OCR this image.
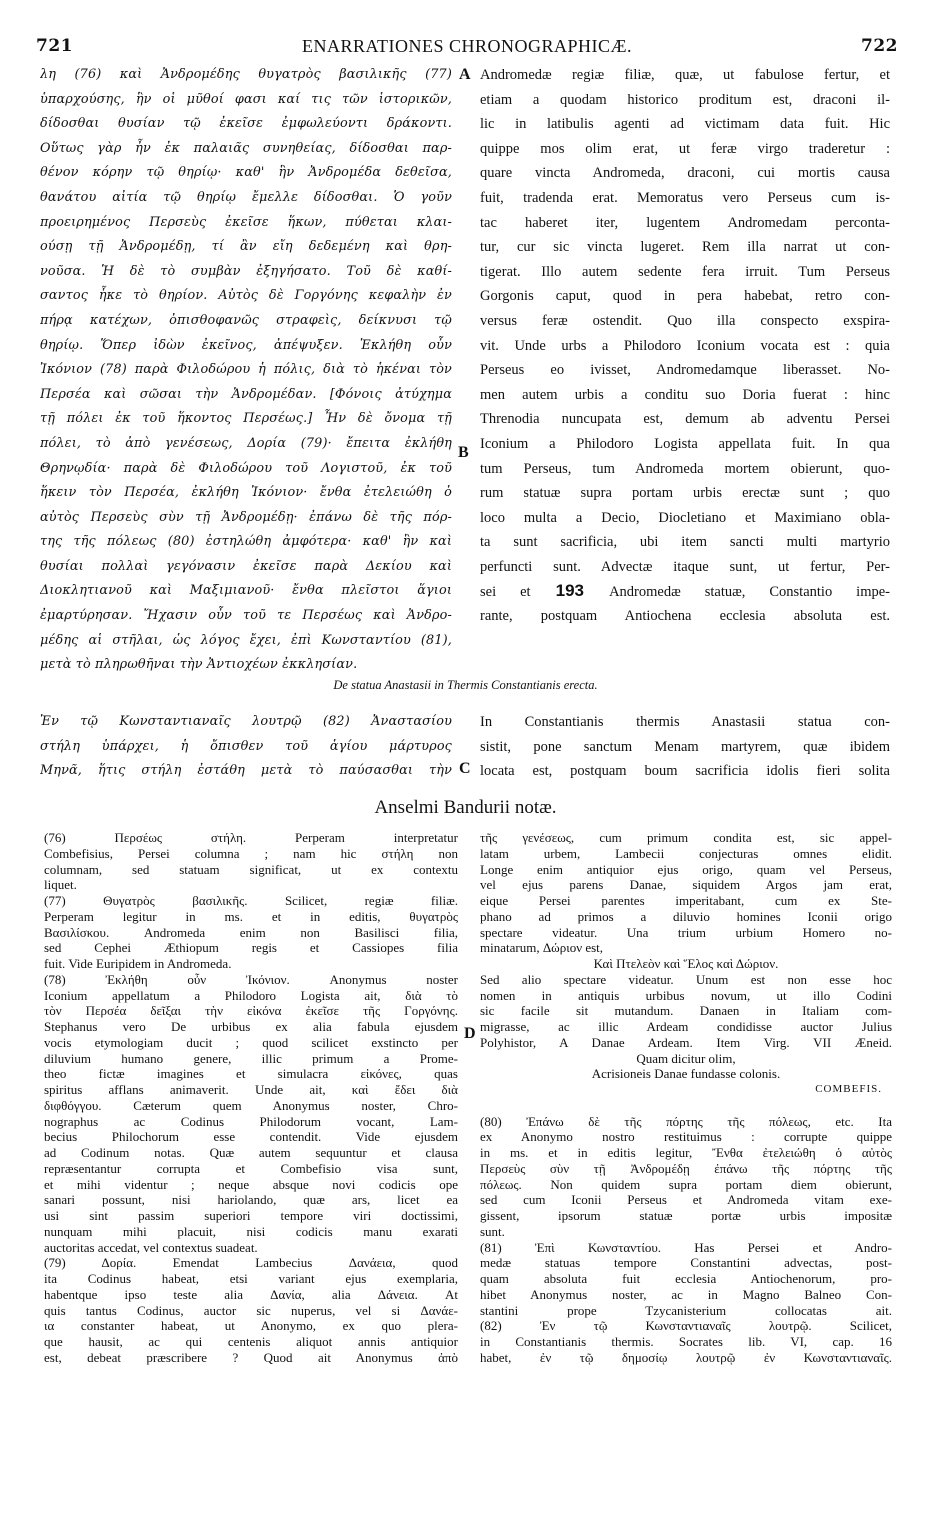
721	ENARRATIONES CHRONOGRAPHICÆ.	722
λη (76) καὶ Ἀνδρομέδης θυγατρὸς βασιλικῆς (77)
ὑπαρχούσης, ἣν οἱ μῦθοί φασι καί τις τῶν ἱστορικῶν,
δίδοσθαι θυσίαν τῷ ἐκεῖσε ἐμφωλεύοντι δράκοντι.
Οὕτως γὰρ ἦν ἐκ παλαιᾶς συνηθείας, δίδοσθαι παρ-
θένον κόρην τῷ θηρίῳ· καθ' ἣν Ἀνδρομέδα δεθεῖσα,
θανάτου αἰτία τῷ θηρίῳ ἔμελλε δίδοσθαι. Ὁ γοῦν
προειρημένος Περσεὺς ἐκεῖσε ἥκων, πύθεται κλαι-
ούσῃ τῇ Ἀνδρομέδῃ, τί ἂν εἴη δεδεμένη καὶ θρη-
νοῦσα. Ἡ δὲ τὸ συμβὰν ἐξηγήσατο. Τοῦ δὲ καθί-
σαντος ἧκε τὸ θηρίον. Αὐτὸς δὲ Γοργόνης κεφαλὴν ἐν
πήρᾳ κατέχων, ὀπισθοφανῶς στραφεὶς, δείκνυσι τῷ
θηρίῳ. Ὅπερ ἰδὼν ἐκεῖνος, ἀπέψυξεν. Ἐκλήθη οὖν
Ἰκόνιον (78) παρὰ Φιλοδώρου ἡ πόλις, διὰ τὸ ἡκέναι τὸν
Περσέα καὶ σῶσαι τὴν Ἀνδρομέδαν. [Φόνοις ἀτύχημα
τῇ πόλει ἐκ τοῦ ἥκοντος Περσέως.] Ἦν δὲ ὄνομα τῇ
πόλει, τὸ ἀπὸ γενέσεως, Δορία (79)· ἔπειτα ἐκλήθη
Θρηνῳδία· παρὰ δὲ Φιλοδώρου τοῦ Λογιστοῦ, ἐκ τοῦ
ἥκειν τὸν Περσέα, ἐκλήθη Ἰκόνιον· ἔνθα ἐτελειώθη ὁ
αὐτὸς Περσεὺς σὺν τῇ Ἀνδρομέδῃ· ἐπάνω δὲ τῆς πόρ-
της τῆς πόλεως (80) ἐστηλώθη ἀμφότερα· καθ' ἣν καὶ
θυσίαι πολλαὶ γεγόνασιν ἐκεῖσε παρὰ Δεκίου καὶ
Διοκλητιανοῦ καὶ Μαξιμιανοῦ· ἔνθα πλεῖστοι ἅγιοι
ἐμαρτύρησαν. Ἤχασιν οὖν τοῦ τε Περσέως καὶ Ἀνδρο-
μέδης αἱ στῆλαι, ὡς λόγος ἔχει, ἐπὶ Κωνσταντίου (81),
μετὰ τὸ πληρωθῆναι τὴν Ἀντιοχέων ἐκκλησίαν.
Andromedæ regiæ filiæ, quæ, ut fabulose fertur, et
etiam a quodam historico proditum est, draconi il-
lic in latibulis agenti ad victimam data fuit. Hic
quippe mos olim erat, ut feræ virgo traderetur :
quare vincta Andromeda, draconi, cui mortis causa
fuit, tradenda erat. Memoratus vero Perseus cum is-
tac haberet iter, lugentem Andromedam perconta-
tur, cur sic vincta lugeret. Rem illa narrat ut con-
tigerat. Illo autem sedente fera irruit. Tum Perseus
Gorgonis caput, quod in pera habebat, retro con-
versus feræ ostendit. Quo illa conspecto exspira-
vit. Unde urbs a Philodoro Iconium vocata est : quia
Perseus eo ivisset, Andromedamque liberasset. No-
men autem urbis a conditu suo Doria fuerat : hinc
Threnodia nuncupata est, demum ab adventu Persei
Iconium a Philodoro Logista appellata fuit. In qua
tum Perseus, tum Andromeda mortem obierunt, quo-
rum statuæ supra portam urbis erectæ sunt ; quo
loco multa a Decio, Diocletiano et Maximiano obla-
ta sunt sacrificia, ubi item sancti multi martyrio
perfuncti sunt. Advectæ itaque sunt, ut fertur, Per-
sei et 193 Andromedæ statuæ, Constantio impe-
rante, postquam Antiochena ecclesia absoluta est.
A
B
De statua Anastasii in Thermis Constantianis erecta.
Ἐν τῷ Κωνσταντιαναῖς λουτρῷ (82) Ἀναστασίου
στήλη ὑπάρχει, ἡ ὄπισθεν τοῦ ἁγίου μάρτυρος
Μηνᾶ, ἥτις στήλη ἐστάθη μετὰ τὸ παύσασθαι τὴν
In Constantianis thermis Anastasii statua con-
sistit, pone sanctum Menam martyrem, quæ ibidem
locata est, postquam boum sacrificia idolis fieri solita
C
Anselmi Bandurii notæ.
(76) Περσέως στήλη. Perperam interpretatur
Combefisius, Persei columna ; nam hic στήλη non
columnam, sed statuam significat, ut ex contextu
liquet.
(77) Θυγατρὸς βασιλικῆς. Scilicet, regiæ filiæ.
Perperam legitur in ms. et in editis, θυγατρὸς
Βασιλίσκου. Andromeda enim non Basilisci filia,
sed Cephei Æthiopum regis et Cassiopes filia
fuit. Vide Euripidem in Andromeda.
(78) Ἐκλήθη οὖν Ἰκόνιον. Anonymus noster
Iconium appellatum a Philodoro Logista ait, διὰ τὸ
τὸν Περσέα δεῖξαι τὴν εἰκόνα ἐκεῖσε τῆς Γοργόνης.
Stephanus vero De urbibus ex alia fabula ejusdem
vocis etymologiam ducit ; quod scilicet exstincto per
diluvium humano genere, illic primum a Prome-
theo fictæ imagines et simulacra εἰκόνες, quas
spiritus afflans animaverit. Unde ait, καὶ ἔδει διὰ
διφθόγγου. Cæterum quem Anonymus noster, Chro-
nographus ac Codinus Philodorum vocant, Lam-
becius Philochorum esse contendit. Vide ejusdem
ad Codinum notas. Quæ autem sequuntur et clausa
repræsentantur corrupta et Combefisio visa sunt,
et mihi videntur ; neque absque novi codicis ope
sanari possunt, nisi hariolando, quæ ars, licet ea
usi sint passim superiori tempore viri doctissimi,
nunquam mihi placuit, nisi codicis manu exarati
auctoritas accedat, vel contextus suadeat.
(79) Δορία. Emendat Lambecius Δανάεια, quod
ita Codinus habeat, etsi variant ejus exemplaria,
habentque ipso teste alia Δανία, alia Δάνεια. At
quis tantus Codinus, auctor sic nuperus, vel si Δανάε-
ια constanter habeat, ut Anonymo, ex quo plera-
que hausit, ac qui centenis aliquot annis antiquior
est, debeat præscribere ? Quod ait Anonymus ἀπὸ
τῆς γενέσεως, cum primum condita est, sic appel-
latam urbem, Lambecii conjecturas omnes elidit.
Longe enim antiquior ejus origo, quam vel Perseus,
vel ejus parens Danae, siquidem Argos jam erat,
eique Persei parentes imperitabant, cum ex Ste-
phano ad primos a diluvio homines Iconii origo
spectare videatur. Una trium urbium Homero no-
minatarum, Δώριον est,
Καὶ Πτελεὸν καὶ Ἕλος καὶ Δώριον.
Sed alio spectare videatur. Unum est non esse hoc
nomen in antiquis urbibus novum, ut illo Codini
sic facile sit mutandum. Danaen in Italiam com-
migrasse, ac illic Ardeam condidisse auctor Julius
Polyhistor, A Danae Ardeam. Item Virg. VII Æneid.
Quam dicitur olim,
Acrisioneis Danae fundasse colonis.
COMBEFIS.
(80) Ἐπάνω δὲ τῆς πόρτης τῆς πόλεως, etc. Ita
ex Anonymo nostro restituimus : corrupte quippe
in ms. et in editis legitur, Ἔνθα ἐτελειώθη ὁ αὐτὸς
Περσεὺς σὺν τῇ Ἀνδρομέδῃ ἐπάνω τῆς πόρτης τῆς
πόλεως. Non quidem supra portam diem obierunt,
sed cum Iconii Perseus et Andromeda vitam exe-
gissent, ipsorum statuæ portæ urbis impositæ
sunt.
(81) Ἐπὶ Κωνσταντίου. Has Persei et Andro-
medæ statuas tempore Constantini advectas, post-
quam absoluta fuit ecclesia Antiochenorum, pro-
hibet Anonymus noster, ac in Magno Balneo Con-
stantini prope Tzycanisterium collocatas ait.
(82) Ἐν τῷ Κωνσταντιαναῖς λουτρῷ. Scilicet,
in Constantianis thermis. Socrates lib. VI, cap. 16
habet, ἐν τῷ δημοσίῳ λουτρῷ ἐν Κωνσταντιαναῖς.
D
